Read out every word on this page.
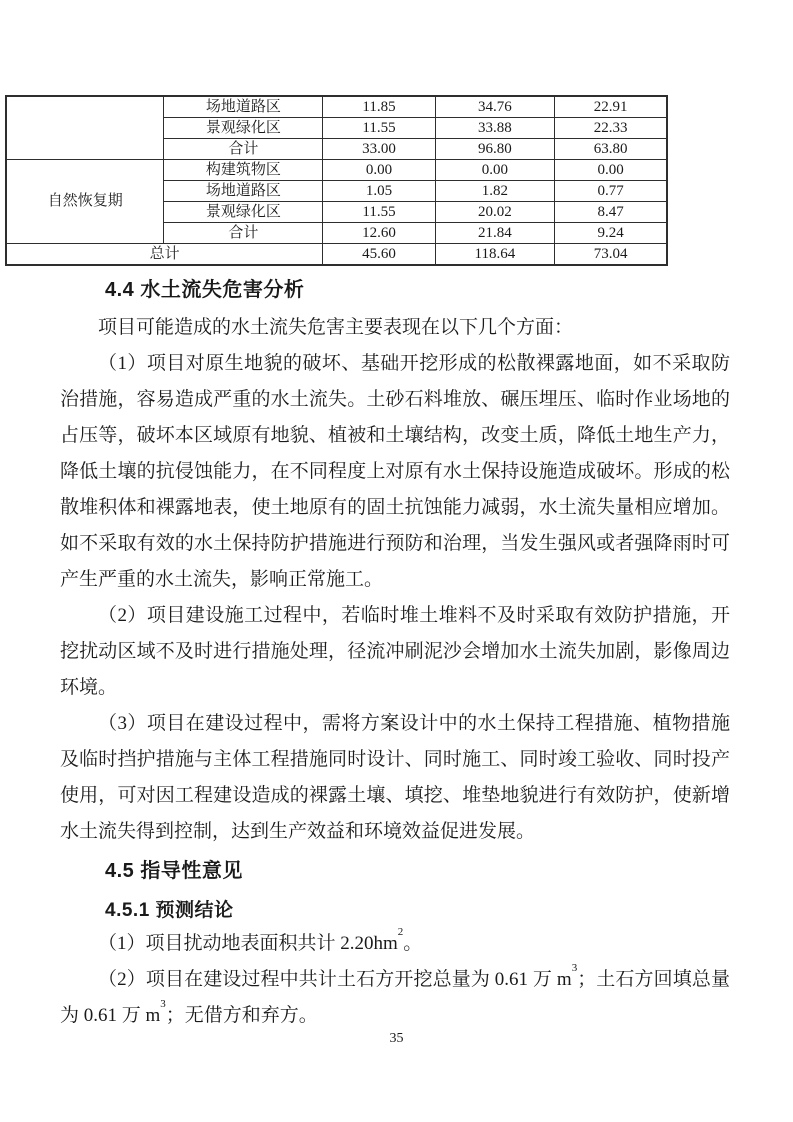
	场地道路区	11.85	34.76	22.91
	景观绿化区	11.55	33.88	22.33
	合计	33.00	96.80	63.80
自然恢复期	构建筑物区	0.00	0.00	0.00
	场地道路区	1.05	1.82	0.77
	景观绿化区	11.55	20.02	8.47
	合计	12.60	21.84	9.24
总计		45.60	118.64	73.04
4.4 水土流失危害分析

项目可能造成的水土流失危害主要表现在以下几个方面：

（1）项目对原生地貌的破坏、基础开挖形成的松散裸露地面，如不采取防治措施，容易造成严重的水土流失。土砂石料堆放、碾压埋压、临时作业场地的占压等，破坏本区域原有地貌、植被和土壤结构，改变土质，降低土地生产力，降低土壤的抗侵蚀能力，在不同程度上对原有水土保持设施造成破坏。形成的松散堆积体和裸露地表，使土地原有的固土抗蚀能力减弱，水土流失量相应增加。如不采取有效的水土保持防护措施进行预防和治理，当发生强风或者强降雨时可产生严重的水土流失，影响正常施工。

（2）项目建设施工过程中，若临时堆土堆料不及时采取有效防护措施，开挖扰动区域不及时进行措施处理，径流冲刷泥沙会增加水土流失加剧，影像周边环境。

（3）项目在建设过程中，需将方案设计中的水土保持工程措施、植物措施及临时挡护措施与主体工程措施同时设计、同时施工、同时竣工验收、同时投产使用，可对因工程建设造成的裸露土壤、填挖、堆垫地貌进行有效防护，使新增水土流失得到控制，达到生产效益和环境效益促进发展。

4.5 指导性意见
4.5.1 预测结论

（1）项目扰动地表面积共计 $2.20hm^2$。

（2）项目在建设过程中共计土石方开挖总量为 0.61 万 $m^3$；土石方回填总量为 0.61 万 $m^3$；无借方和弃方。

35
